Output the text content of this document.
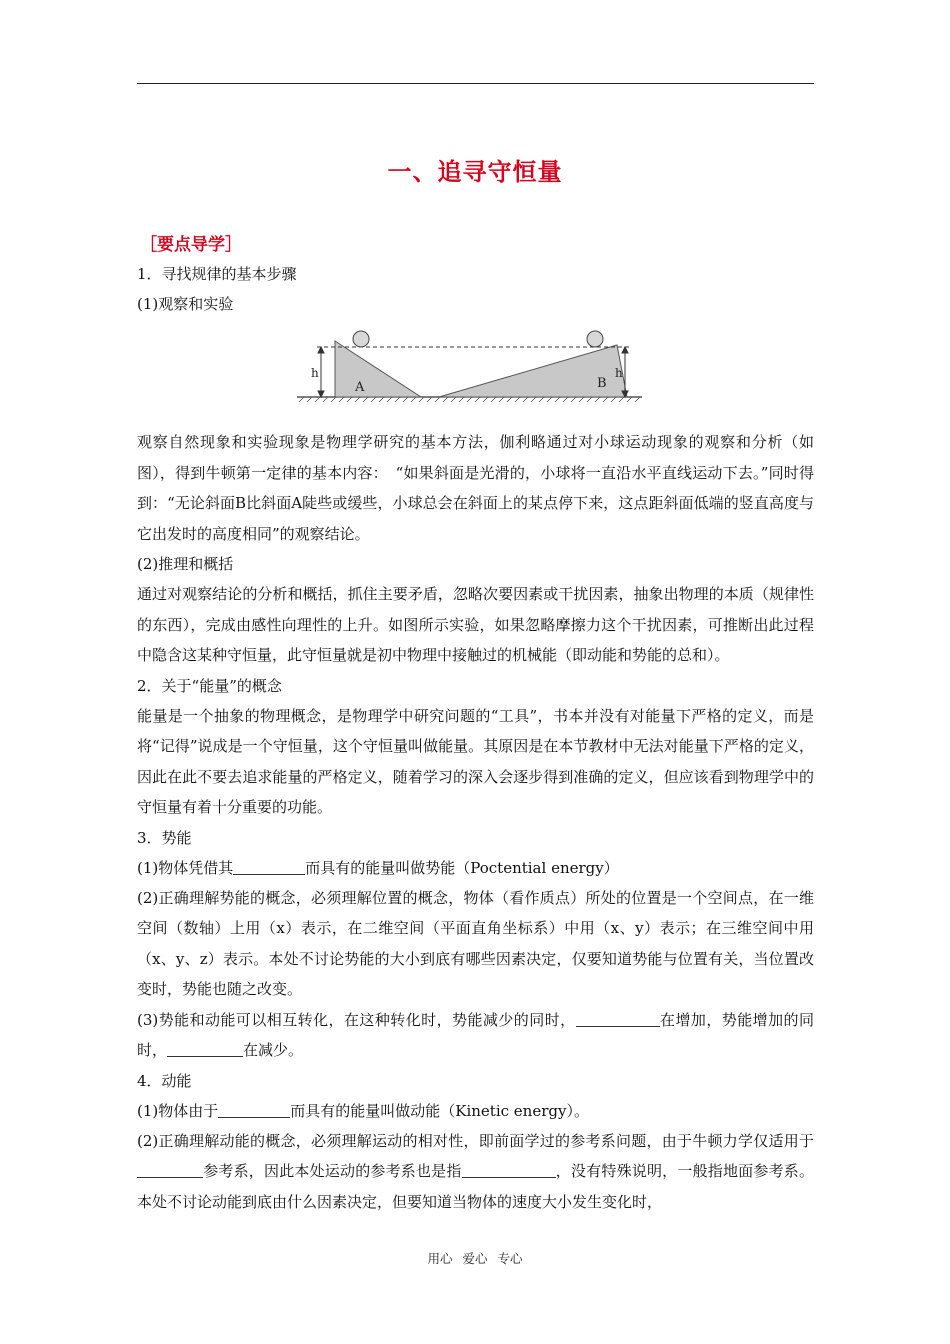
一、追寻守恒量
［要点导学］
1．寻找规律的基本步骤
(1)观察和实验
h	h
A	B
观察自然现象和实验现象是物理学研究的基本方法，伽利略通过对小球运动现象的观察和分析（如图），得到牛顿第一定律的基本内容：　“如果斜面是光滑的，小球将一直沿水平直线运动下去。”同时得到：“无论斜面B比斜面A陡些或缓些，小球总会在斜面上的某点停下来，这点距斜面低端的竖直高度与它出发时的高度相同”的观察结论。
(2)推理和概括
通过对观察结论的分析和概括，抓住主要矛盾，忽略次要因素或干扰因素，抽象出物理的本质（规律性的东西），完成由感性向理性的上升。如图所示实验，如果忽略摩擦力这个干扰因素，可推断出此过程中隐含这某种守恒量，此守恒量就是初中物理中接触过的机械能（即动能和势能的总和）。
2．关于“能量”的概念
能量是一个抽象的物理概念，是物理学中研究问题的“工具”，书本并没有对能量下严格的定义，而是将“记得”说成是一个守恒量，这个守恒量叫做能量。其原因是在本节教材中无法对能量下严格的定义，因此在此不要去追求能量的严格定义，随着学习的深入会逐步得到准确的定义，但应该看到物理学中的守恒量有着十分重要的功能。
3．势能
(1)物体凭借其	而具有的能量叫做势能（Poctential energy）
(2)正确理解势能的概念，必须理解位置的概念，物体（看作质点）所处的位置是一个空间点，在一维空间（数轴）上用（x）表示，在二维空间（平面直角坐标系）中用（x、y）表示；在三维空间中用（x、y、z）表示。本处不讨论势能的大小到底有哪些因素决定，仅要知道势能与位置有关，当位置改变时，势能也随之改变。
(3)势能和动能可以相互转化，在这种转化时，势能减少的同时，	在增加，势能增加的同时，	在减少。
4．动能
(1)物体由于	而具有的能量叫做动能（Kinetic energy）。
(2)正确理解动能的概念，必须理解运动的相对性，即前面学过的参考系问题，由于牛顿力学仅适用于参考系，因此本处运动的参考系也是指	，没有特殊说明，一般指地面参考系。本处不讨论动能到底由什么因素决定，但要知道当物体的速度大小发生变化时，
用心 爱心 专心
